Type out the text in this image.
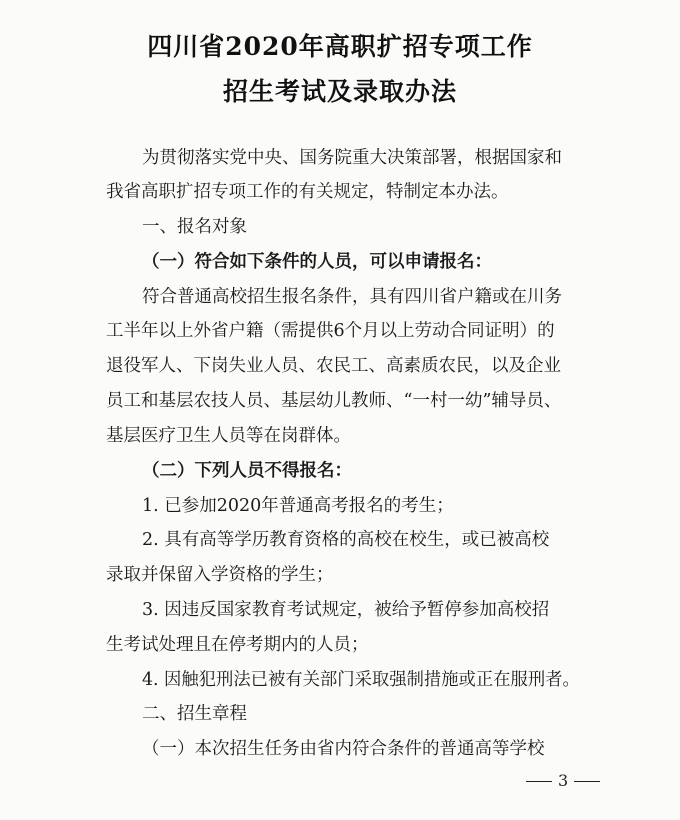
四川省2020年高职扩招专项工作
招生考试及录取办法
为贯彻落实党中央、国务院重大决策部署，根据国家和
我省高职扩招专项工作的有关规定，特制定本办法。
一、报名对象
（一）符合如下条件的人员，可以申请报名：
符合普通高校招生报名条件，具有四川省户籍或在川务
工半年以上外省户籍（需提供6个月以上劳动合同证明）的
退役军人、下岗失业人员、农民工、高素质农民，以及企业
员工和基层农技人员、基层幼儿教师、“一村一幼”辅导员、
基层医疗卫生人员等在岗群体。
（二）下列人员不得报名：
1. 已参加2020年普通高考报名的考生；
2. 具有高等学历教育资格的高校在校生，或已被高校
录取并保留入学资格的学生；
3. 因违反国家教育考试规定，被给予暂停参加高校招
生考试处理且在停考期内的人员；
4. 因触犯刑法已被有关部门采取强制措施或正在服刑者。
二、招生章程
（一）本次招生任务由省内符合条件的普通高等学校
3
